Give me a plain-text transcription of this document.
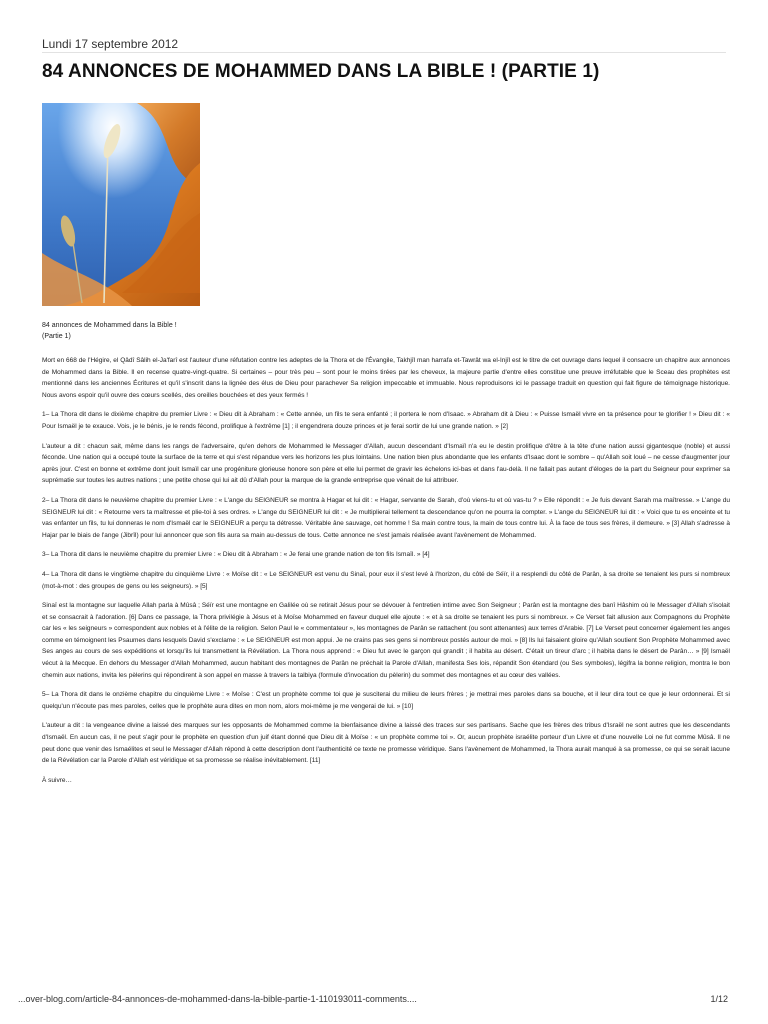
Lundi 17 septembre 2012
84 ANNONCES DE MOHAMMED DANS LA BIBLE ! (PARTIE 1)
84 annonces de Mohammed dans la Bible !
(Partie 1)

Mort en 668 de l'Hégire, el Qâdî Sâlih el-Ja'farî est l'auteur d'une réfutation contre les adeptes de la Thora et de l'Évangile, Takhjîl man harrafa et-Tawrât wa el-Injîl est le titre de cet ouvrage dans lequel il consacre un chapitre aux annonces de Mohammed dans la Bible. Il en recense quatre-vingt-quatre. Si certaines – pour très peu – sont pour le moins tirées par les cheveux, la majeure partie d'entre elles constitue une preuve irréfutable que le Sceau des prophètes est mentionné dans les anciennes Écritures et qu'il s'inscrit dans la lignée des élus de Dieu pour parachever Sa religion impeccable et immuable. Nous reproduisons ici le passage traduit en question qui fait figure de témoignage historique. Nous avons espoir qu'il ouvre des cœurs scellés, des oreilles bouchées et des yeux fermés !

1– La Thora dit dans le dixième chapitre du premier Livre : « Dieu dit à Abraham : « Cette année, un fils te sera enfanté ; il portera le nom d'Isaac. » Abraham dit à Dieu : « Puisse Ismaël vivre en ta présence pour te glorifier ! » Dieu dit : « Pour Ismaël je te exauce. Vois, je le bénis, je le rends fécond, prolifique à l'extrême [1] ; il engendrera douze princes et je ferai sortir de lui une grande nation. » [2]

L'auteur a dit : chacun sait, même dans les rangs de l'adversaire, qu'en dehors de Mohammed le Messager d'Allah, aucun descendant d'Ismaïl n'a eu le destin prolifique d'être à la tête d'une nation aussi gigantesque (noble) et aussi féconde. Une nation qui a occupé toute la surface de la terre et qui s'est répandue vers les horizons les plus lointains. Une nation bien plus abondante que les enfants d'Isaac dont le sombre – qu'Allah soit loué – ne cesse d'augmenter jour après jour. C'est en bonne et extrême dont jouit Ismaïl car une progéniture glorieuse honore son père et elle lui permet de gravir les échelons ici-bas et dans l'au-delà. Il ne fallait pas autant d'éloges de la part du Seigneur pour exprimer sa suprématie sur toutes les autres nations ; une petite chose qui lui ait dû d'Allah pour la marque de la grande entreprise que vénait de lui attribuer.

2– La Thora dit dans le neuvième chapitre du premier Livre : « L'ange du SEIGNEUR se montra à Hagar et lui dit : « Hagar, servante de Sarah, d'où viens-tu et où vas-tu ? » Elle répondit : « Je fuis devant Sarah ma maîtresse. » L'ange du SEIGNEUR lui dit : « Retourne vers ta maîtresse et plie-toi à ses ordres. » L'ange du SEIGNEUR lui dit : « Je multiplierai tellement ta descendance qu'on ne pourra la compter. » L'ange du SEIGNEUR lui dit : « Voici que tu es enceinte et tu vas enfanter un fils, tu lui donneras le nom d'Ismaël car le SEIGNEUR a perçu ta détresse. Véritable âne sauvage, cet homme ! Sa main contre tous, la main de tous contre lui. À la face de tous ses frères, il demeure. » [3] Allah s'adresse à Hajar par le biais de l'ange (Jibrîl) pour lui annoncer que son fils aura sa main au-dessus de tous. Cette annonce ne s'est jamais réalisée avant l'avènement de Mohammed.

3– La Thora dit dans le neuvième chapitre du premier Livre : « Dieu dit à Abraham : « Je ferai une grande nation de ton fils Ismaïl. » [4]

4– La Thora dit dans le vingtième chapitre du cinquième Livre : « Moïse dit : « Le SEIGNEUR est venu du Sinaï, pour eux il s'est levé à l'horizon, du côté de Séïr, il a resplendi du côté de Parân, à sa droite se tenaient les purs si nombreux (mot-à-mot : des groupes de gens ou les seigneurs). » [5]

Sinaï est la montagne sur laquelle Allah parla à Mûsâ ; Séïr est une montagne en Galilée où se retirait Jésus pour se dévouer à l'entretien intime avec Son Seigneur ; Parân est la montagne des banî Hâshim où le Messager d'Allah s'isolait et se consacrait à l'adoration. [6] Dans ce passage, la Thora privilégie à Jésus et à Moïse Mohammed en faveur duquel elle ajoute : « et à sa droite se tenaient les purs si nombreux. » Ce Verset fait allusion aux Compagnons du Prophète car les « les seigneurs » correspondent aux nobles et à l'élite de la religion. Selon Paul le « commentateur », les montagnes de Parân se rattachent (ou sont attenantes) aux terres d'Arabie. [7] Le Verset peut concerner également les anges comme en témoignent les Psaumes dans lesquels David s'exclame : « Le SEIGNEUR est mon appui. Je ne crains pas ses gens si nombreux postés autour de moi. » [8] Ils lui faisaient gloire qu'Allah soutient Son Prophète Mohammed avec Ses anges au cours de ses expéditions et lorsqu'ils lui transmettent la Révélation. La Thora nous apprend : « Dieu fut avec le garçon qui grandit ; il habita au désert. C'était un tireur d'arc ; il habita dans le désert de Parân… » [9] Ismaël vécut à la Mecque. En dehors du Messager d'Allah Mohammed, aucun habitant des montagnes de Parân ne préchait la Parole d'Allah, manifesta Ses lois, répandit Son étendard (ou Ses symboles), légifra la bonne religion, montra le bon chemin aux nations, invita les pèlerins qui répondirent à son appel en masse à travers la talbiya (formule d'invocation du pèlerin) du sommet des montagnes et au cœur des vallées.

5– La Thora dit dans le onzième chapitre du cinquième Livre : « Moïse : C'est un prophète comme toi que je susciterai du milieu de leurs frères ; je mettrai mes paroles dans sa bouche, et il leur dira tout ce que je leur ordonnerai. Et si quelqu'un n'écoute pas mes paroles, celles que le prophète aura dites en mon nom, alors moi-même je me vengerai de lui. » [10]

L'auteur a dit : la vengeance divine a laissé des marques sur les opposants de Mohammed comme la bienfaisance divine a laissé des traces sur ses partisans. Sache que les frères des tribus d'Israël ne sont autres que les descendants d'Ismaël. En aucun cas, il ne peut s'agir pour le prophète en question d'un juif étant donné que Dieu dit à Moïse : « un prophète comme toi ». Or, aucun prophète israélite porteur d'un Livre et d'une nouvelle Loi ne fut comme Mûsâ. Il ne peut donc que venir des Ismaélites et seul le Messager d'Allah répond à cette description dont l'authenticité ce texte ne promesse véridique. Sans l'avènement de Mohammed, la Thora aurait manqué à sa promesse, ce qui se serait lacune de la Révélation car la Parole d'Allah est véridique et sa promesse se réalise inévitablement. [11]

À suivre…

...over-blog.com/article-84-annonces-de-mohammed-dans-la-bible-partie-1-110193011-comments....	1/12
